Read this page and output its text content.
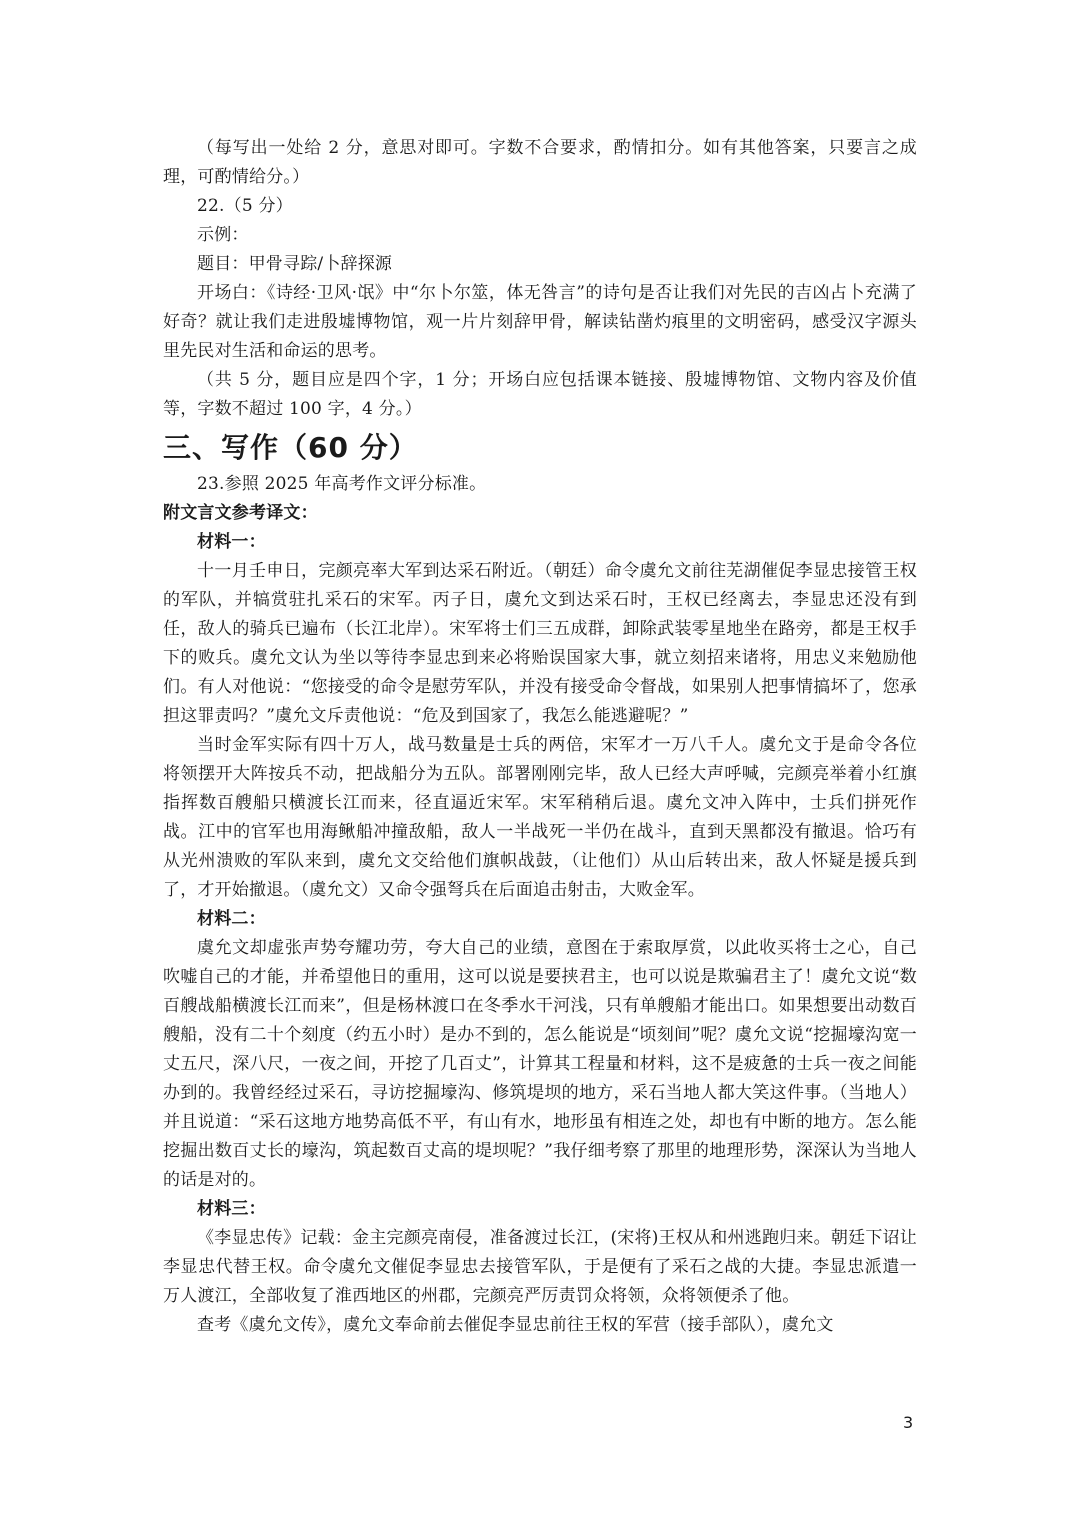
（每写出一处给 2 分，意思对即可。字数不合要求，酌情扣分。如有其他答案，只要言之成理，可酌情给分。）

22.（5 分）

示例：

题目：甲骨寻踪/卜辞探源

开场白：《诗经·卫风·氓》中“尔卜尔筮，体无咎言”的诗句是否让我们对先民的吉凶占卜充满了好奇？就让我们走进殷墟博物馆，观一片片刻辞甲骨，解读钻凿灼痕里的文明密码，感受汉字源头里先民对生活和命运的思考。

（共 5 分，题目应是四个字，1 分；开场白应包括课本链接、殷墟博物馆、文物内容及价值等，字数不超过 100 字，4 分。）

三、写作（60 分）

23.参照 2025 年高考作文评分标准。

附文言文参考译文：

材料一：

十一月壬申日，完颜亮率大军到达采石附近。（朝廷）命令虞允文前往芜湖催促李显忠接管王权的军队，并犒赏驻扎采石的宋军。丙子日，虞允文到达采石时，王权已经离去，李显忠还没有到任，敌人的骑兵已遍布（长江北岸）。宋军将士们三五成群，卸除武装零星地坐在路旁，都是王权手下的败兵。虞允文认为坐以等待李显忠到来必将贻误国家大事，就立刻招来诸将，用忠义来勉励他们。有人对他说：“您接受的命令是慰劳军队，并没有接受命令督战，如果别人把事情搞坏了，您承担这罪责吗？”虞允文斥责他说：“危及到国家了，我怎么能逃避呢？”

当时金军实际有四十万人，战马数量是士兵的两倍，宋军才一万八千人。虞允文于是命令各位将领摆开大阵按兵不动，把战船分为五队。部署刚刚完毕，敌人已经大声呼喊，完颜亮举着小红旗指挥数百艘船只横渡长江而来，径直逼近宋军。宋军稍稍后退。虞允文冲入阵中，士兵们拼死作战。江中的官军也用海鳅船冲撞敌船，敌人一半战死一半仍在战斗，直到天黑都没有撤退。恰巧有从光州溃败的军队来到，虞允文交给他们旗帜战鼓，（让他们）从山后转出来，敌人怀疑是援兵到了，才开始撤退。（虞允文）又命令强弩兵在后面追击射击，大败金军。

材料二：

虞允文却虚张声势夸耀功劳，夸大自己的业绩，意图在于索取厚赏，以此收买将士之心，自己吹嘘自己的才能，并希望他日的重用，这可以说是要挟君主，也可以说是欺骗君主了！虞允文说“数百艘战船横渡长江而来”，但是杨林渡口在冬季水干河浅，只有单艘船才能出口。如果想要出动数百艘船，没有二十个刻度（约五小时）是办不到的，怎么能说是“顷刻间”呢？虞允文说“挖掘壕沟宽一丈五尺，深八尺，一夜之间，开挖了几百丈”，计算其工程量和材料，这不是疲惫的士兵一夜之间能办到的。我曾经经过采石，寻访挖掘壕沟、修筑堤坝的地方，采石当地人都大笑这件事。（当地人）并且说道：“采石这地方地势高低不平，有山有水，地形虽有相连之处，却也有中断的地方。怎么能挖掘出数百丈长的壕沟，筑起数百丈高的堤坝呢？”我仔细考察了那里的地理形势，深深认为当地人的话是对的。

材料三：

《李显忠传》记载：金主完颜亮南侵，准备渡过长江，(宋将)王权从和州逃跑归来。朝廷下诏让李显忠代替王权。命令虞允文催促李显忠去接管军队，于是便有了采石之战的大捷。李显忠派遣一万人渡江，全部收复了淮西地区的州郡，完颜亮严厉责罚众将领，众将领便杀了他。

查考《虞允文传》，虞允文奉命前去催促李显忠前往王权的军营（接手部队），虞允文

3
